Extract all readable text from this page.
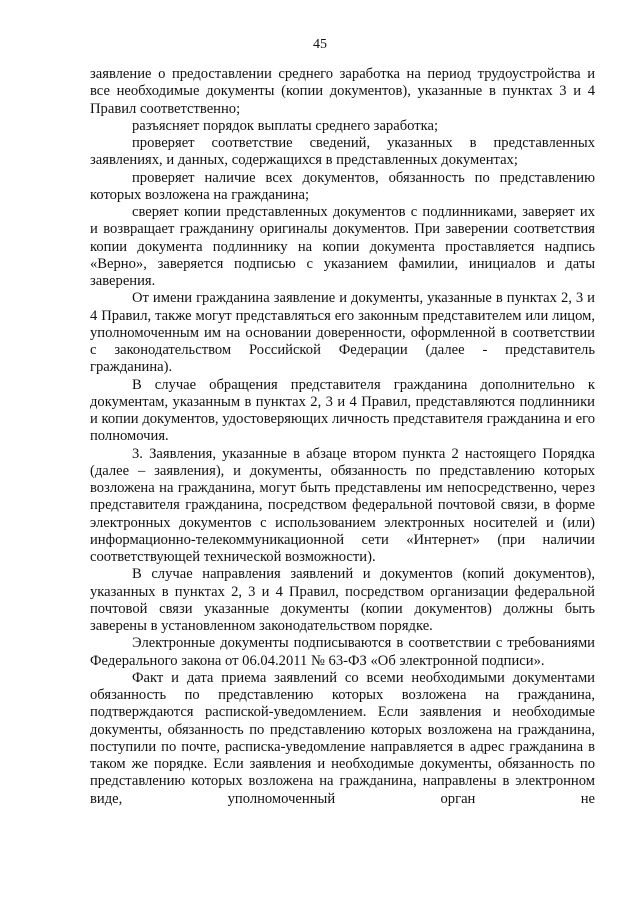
45

заявление о предоставлении среднего заработка на период трудоустройства и все необходимые документы (копии документов), указанные в пунктах 3 и 4 Правил соответственно;

разъясняет порядок выплаты среднего заработка;

проверяет соответствие сведений, указанных в представленных заявлениях, и данных, содержащихся в представленных документах;

проверяет наличие всех документов, обязанность по представлению которых возложена на гражданина;

сверяет копии представленных документов с подлинниками, заверяет их и возвращает гражданину оригиналы документов. При заверении соответствия копии документа подлиннику на копии документа проставляется надпись «Верно», заверяется подписью с указанием фамилии, инициалов и даты заверения.

От имени гражданина заявление и документы, указанные в пунктах 2, 3 и 4 Правил, также могут представляться его законным представителем или лицом, уполномоченным им на основании доверенности, оформленной в соответствии с законодательством Российской Федерации (далее - представитель гражданина).

В случае обращения представителя гражданина дополнительно к документам, указанным в пунктах 2, 3 и 4 Правил, представляются подлинники и копии документов, удостоверяющих личность представителя гражданина и его полномочия.

3. Заявления, указанные в абзаце втором пункта 2 настоящего Порядка (далее – заявления), и документы, обязанность по представлению которых возложена на гражданина, могут быть представлены им непосредственно, через представителя гражданина, посредством федеральной почтовой связи, в форме электронных документов с использованием электронных носителей и (или) информационно-телекоммуникационной сети «Интернет» (при наличии соответствующей технической возможности).

В случае направления заявлений и документов (копий документов), указанных в пунктах 2, 3 и 4 Правил, посредством организации федеральной почтовой связи указанные документы (копии документов) должны быть заверены в установленном законодательством порядке.

Электронные документы подписываются в соответствии с требованиями Федерального закона от 06.04.2011 № 63-ФЗ «Об электронной подписи».

Факт и дата приема заявлений со всеми необходимыми документами обязанность по представлению которых возложена на гражданина, подтверждаются распиской-уведомлением. Если заявления и необходимые документы, обязанность по представлению которых возложена на гражданина, поступили по почте, расписка-уведомление направляется в адрес гражданина в таком же порядке. Если заявления и необходимые документы, обязанность по представлению которых возложена на гражданина, направлены в электронном виде, уполномоченный орган не
